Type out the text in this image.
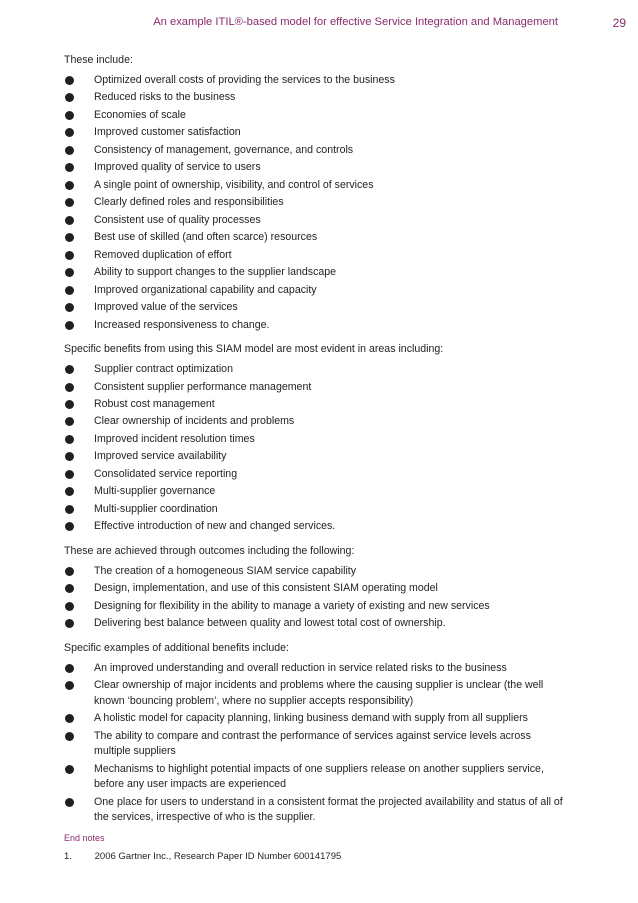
An example ITIL®-based model for effective Service Integration and Management	29

These include:

Optimized overall costs of providing the services to the business
Reduced risks to the business
Economies of scale
Improved customer satisfaction
Consistency of management, governance, and controls
Improved quality of service to users
A single point of ownership, visibility, and control of services
Clearly defined roles and responsibilities
Consistent use of quality processes
Best use of skilled (and often scarce) resources
Removed duplication of effort
Ability to support changes to the supplier landscape
Improved organizational capability and capacity
Improved value of the services
Increased responsiveness to change.

Specific benefits from using this SIAM model are most evident in areas including:

Supplier contract optimization
Consistent supplier performance management
Robust cost management
Clear ownership of incidents and problems
Improved incident resolution times
Improved service availability
Consolidated service reporting
Multi-supplier governance
Multi-supplier coordination
Effective introduction of new and changed services.

These are achieved through outcomes including the following:

The creation of a homogeneous SIAM service capability
Design, implementation, and use of this consistent SIAM operating model
Designing for flexibility in the ability to manage a variety of existing and new services
Delivering best balance between quality and lowest total cost of ownership.

Specific examples of additional benefits include:

An improved understanding and overall reduction in service related risks to the business
Clear ownership of major incidents and problems where the causing supplier is unclear (the well known ‘bouncing problem’, where no supplier accepts responsibility)
A holistic model for capacity planning, linking business demand with supply from all suppliers
The ability to compare and contrast the performance of services against service levels across multiple suppliers
Mechanisms to highlight potential impacts of one suppliers release on another suppliers service, before any user impacts are experienced
One place for users to understand in a consistent format the projected availability and status of all of the services, irrespective of who is the supplier.
End notes
1. 2006 Gartner Inc., Research Paper ID Number 600141795
